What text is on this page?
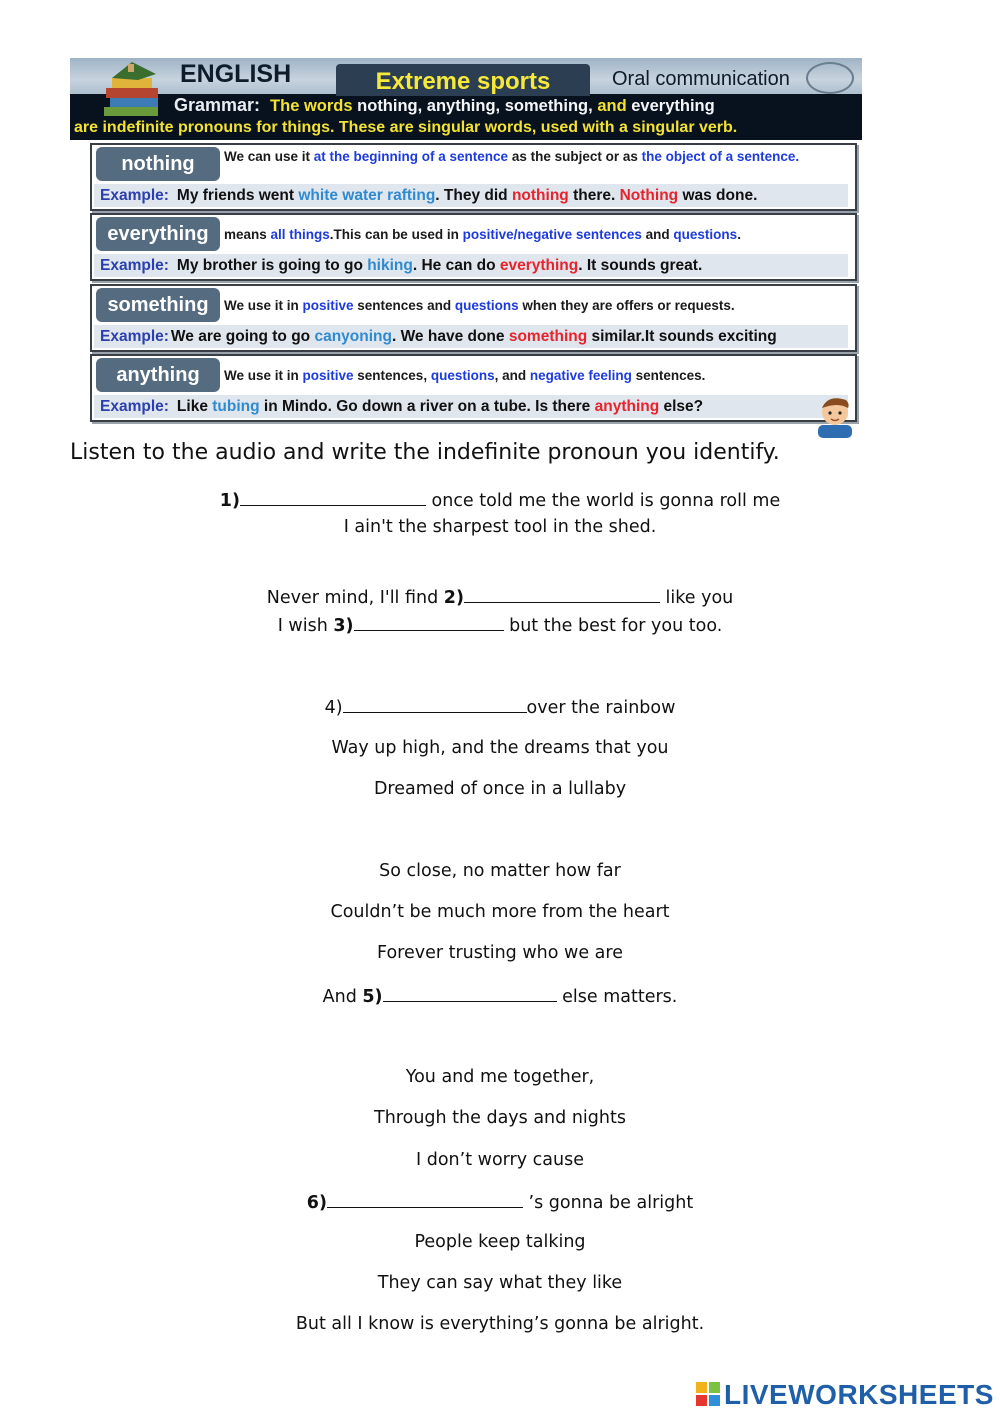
ENGLISH	Extreme sports	Oral communication
Grammar: The words nothing, anything, something, and everything
are indefinite pronouns for things. These are singular words, used with a singular verb.
nothing	We can use it at the beginning of a sentence as the subject or as the object of a sentence.
Example: My friends went white water rafting. They did nothing there. Nothing was done.
everything	means all things.This can be used in positive/negative sentences and questions.
Example: My brother is going to go hiking. He can do everything. It sounds great.
something	We use it in positive sentences and questions when they are offers or requests.
Example: We are going to go canyoning. We have done something similar.It sounds exciting
anything	We use it in positive sentences, questions, and negative feeling sentences.
Example: Like tubing in Mindo. Go down a river on a tube. Is there anything else?
Listen to the audio and write the indefinite pronoun you identify.
1)	once told me the world is gonna roll me
I ain't the sharpest tool in the shed.
Never mind, I'll find 2)	like you
I wish 3)	but the best for you too.
4)	over the rainbow
Way up high, and the dreams that you
Dreamed of once in a lullaby
So close, no matter how far
Couldn’t be much more from the heart
Forever trusting who we are
And 5)	else matters.
You and me together,
Through the days and nights
I don’t worry cause
6)	’s gonna be alright
People keep talking
They can say what they like
But all I know is everything’s gonna be alright.
LIVEWORKSHEETS
